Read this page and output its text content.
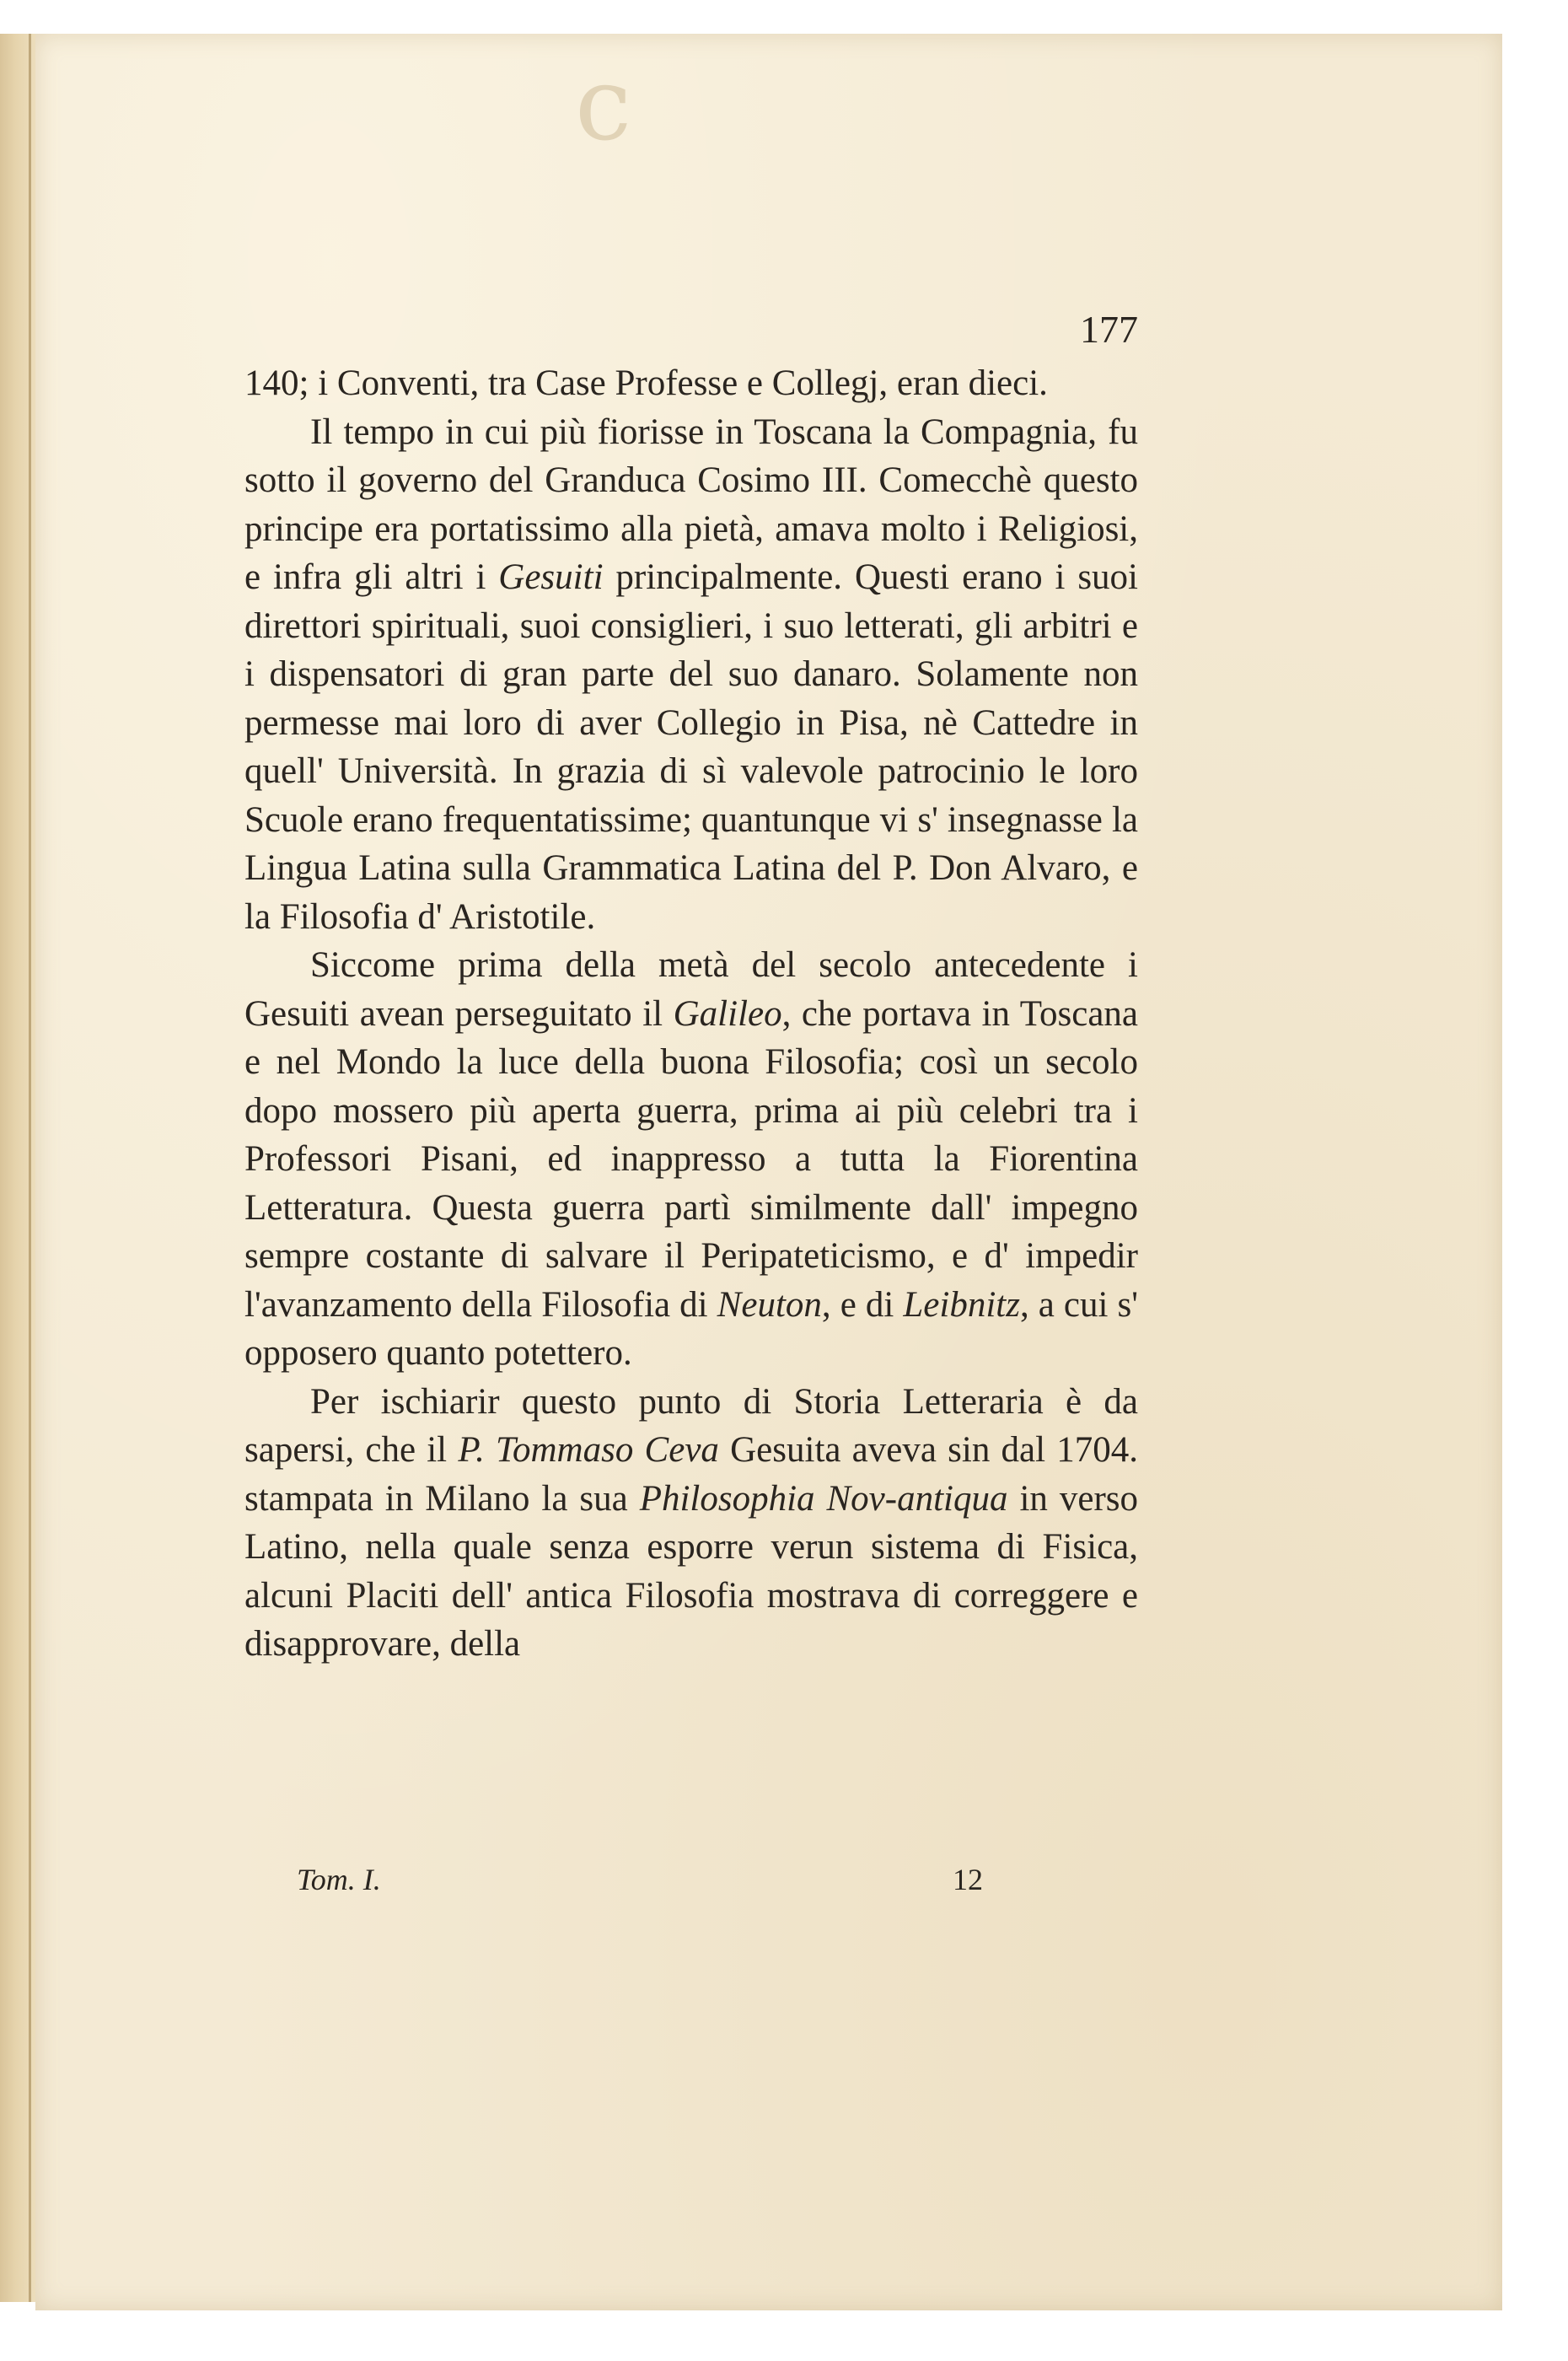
ϲ
177

140; i Conventi, tra Case Professe e Collegj, eran dieci.

Il tempo in cui più fiorisse in Toscana la Compagnia, fu sotto il governo del Granduca Cosimo III. Comecchè questo principe era portatissimo alla pietà, amava molto i Religiosi, e infra gli altri i Gesuiti principalmente. Questi erano i suoi direttori spirituali, suoi consiglieri, i suo letterati, gli arbitri e i dispensatori di gran parte del suo danaro. Solamente non permesse mai loro di aver Collegio in Pisa, nè Cattedre in quell' Università. In grazia di sì valevole patrocinio le loro Scuole erano frequentatissime; quantunque vi s' insegnasse la Lingua Latina sulla Grammatica Latina del P. Don Alvaro, e la Filosofia d' Aristotile.

Siccome prima della metà del secolo antecedente i Gesuiti avean perseguitato il Galileo, che portava in Toscana e nel Mondo la luce della buona Filosofia; così un secolo dopo mossero più aperta guerra, prima ai più celebri tra i Professori Pisani, ed inappresso a tutta la Fiorentina Letteratura. Questa guerra partì similmente dall' impegno sempre costante di salvare il Peripateticismo, e d' impedir l'avanzamento della Filosofia di Neuton, e di Leibnitz, a cui s' opposero quanto potettero.

Per ischiarir questo punto di Storia Letteraria è da sapersi, che il P. Tommaso Ceva Gesuita aveva sin dal 1704. stampata in Milano la sua Philosophia Nov-antiqua in verso Latino, nella quale senza esporre verun sistema di Fisica, alcuni Placiti dell' antica Filosofia mostrava di correggere e disapprovare, della

Tom. I.	12
